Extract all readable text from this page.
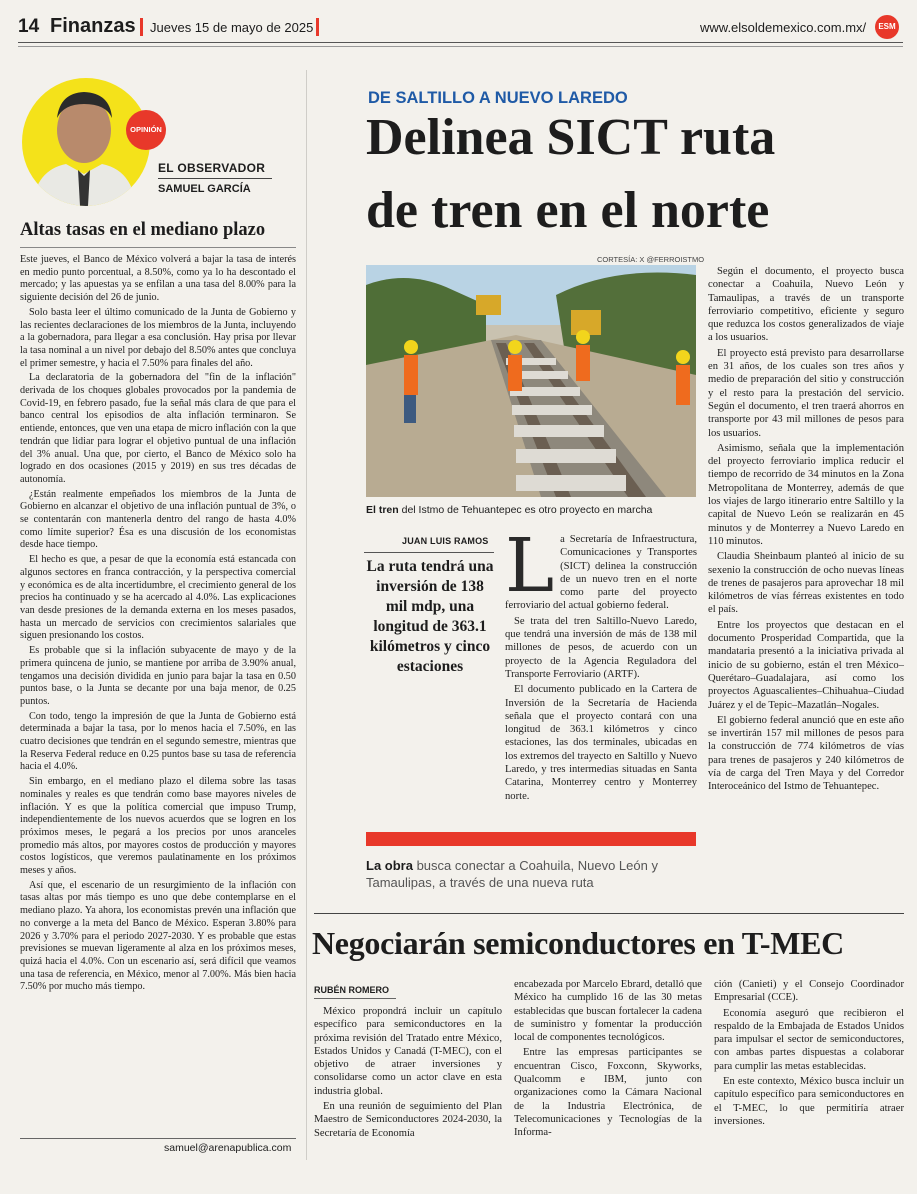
14 Finanzas Jueves 15 de mayo de 2025	www.elsoldemexico.com.mx/	ESM
OPINIÓN
EL OBSERVADOR
SAMUEL GARCÍA
Altas tasas en el mediano plazo

Este jueves, el Banco de México volverá a bajar la tasa de interés en medio punto porcentual, a 8.50%, como ya lo ha descontado el mercado; y las apuestas ya se enfilan a una tasa del 8.00% para la siguiente decisión del 26 de junio.

Solo basta leer el último comunicado de la Junta de Gobierno y las recientes declaraciones de los miembros de la Junta, incluyendo a la gobernadora, para llegar a esa conclusión. Hay prisa por llevar la tasa nominal a un nivel por debajo del 8.50% antes que concluya el primer semestre, y hacia el 7.50% para finales del año.

La declaratoria de la gobernadora del "fin de la inflación" derivada de los choques globales provocados por la pandemia de Covid-19, en febrero pasado, fue la señal más clara de que para el banco central los episodios de alta inflación terminaron. Se entiende, entonces, que ven una etapa de micro inflación con la que tendrán que lidiar para lograr el objetivo puntual de una inflación del 3% anual. Una que, por cierto, el Banco de México solo ha logrado en dos ocasiones (2015 y 2019) en sus tres décadas de autonomía.

¿Están realmente empeñados los miembros de la Junta de Gobierno en alcanzar el objetivo de una inflación puntual de 3%, o se contentarán con mantenerla dentro del rango de hasta 4.0% como límite superior? Ésa es una discusión de los economistas desde hace tiempo.

El hecho es que, a pesar de que la economía está estancada con algunos sectores en franca contracción, y la perspectiva comercial y económica es de alta incertidumbre, el crecimiento general de los precios ha continuado y se ha acercado al 4.0%. Las explicaciones van desde presiones de la demanda externa en los meses pasados, hasta un mercado de servicios con crecimientos salariales que siguen presionando los costos.

Es probable que si la inflación subyacente de mayo y de la primera quincena de junio, se mantiene por arriba de 3.90% anual, tengamos una decisión dividida en junio para bajar la tasa en 0.50 puntos base, o la Junta se decante por una baja menor, de 0.25 puntos.

Con todo, tengo la impresión de que la Junta de Gobierno está determinada a bajar la tasa, por lo menos hacia el 7.50%, en las cuatro decisiones que tendrán en el segundo semestre, mientras que la Reserva Federal reduce en 0.25 puntos base su tasa de referencia hacia el 4.0%.

Sin embargo, en el mediano plazo el dilema sobre las tasas nominales y reales es que tendrán como base mayores niveles de inflación. Y es que la política comercial que impuso Trump, independientemente de los nuevos acuerdos que se logren en los próximos meses, le pegará a los precios por unos aranceles promedio más altos, por mayores costos de producción y mayores costos logísticos, que veremos paulatinamente en los próximos meses y años.

Así que, el escenario de un resurgimiento de la inflación con tasas altas por más tiempo es uno que debe contemplarse en el mediano plazo. Ya ahora, los economistas prevén una inflación que no converge a la meta del Banco de México. Esperan 3.80% para 2026 y 3.70% para el periodo 2027-2030. Y es probable que estas previsiones se muevan ligeramente al alza en los próximos meses, quizá hacia el 4.0%. Con un escenario así, será difícil que veamos una tasa de referencia, en México, menor al 7.00%. Más bien hacia 7.50% por mucho más tiempo.

samuel@arenapublica.com
DE SALTILLO A NUEVO LAREDO
Delinea SICT ruta
de tren en el norte
CORTESÍA: X @FERROISTMO
El tren del Istmo de Tehuantepec es otro proyecto en marcha
JUAN LUIS RAMOS
La ruta tendrá una inversión de 138 mil mdp, una longitud de 363.1 kilómetros y cinco estaciones
L a Secretaría de Infraestructura, Comunicaciones y Transportes (SICT) delinea la construcción de un nuevo tren en el norte como parte del proyecto ferroviario del actual gobierno federal.

Se trata del tren Saltillo-Nuevo Laredo, que tendrá una inversión de más de 138 mil millones de pesos, de acuerdo con un proyecto de la Agencia Reguladora del Transporte Ferroviario (ARTF).

El documento publicado en la Cartera de Inversión de la Secretaría de Hacienda señala que el proyecto contará con una longitud de 363.1 kilómetros y cinco estaciones, las dos terminales, ubicadas en los extremos del trayecto en Saltillo y Nuevo Laredo, y tres intermedias situadas en Santa Catarina, Monterrey centro y Monterrey norte.

La obra busca conectar a Coahuila, Nuevo León y Tamaulipas, a través de una nueva ruta

Según el documento, el proyecto busca conectar a Coahuila, Nuevo León y Tamaulipas, a través de un transporte ferroviario competitivo, eficiente y seguro que reduzca los costos generalizados de viaje a los usuarios.

El proyecto está previsto para desarrollarse en 31 años, de los cuales son tres años y medio de preparación del sitio y construcción y el resto para la prestación del servicio. Según el documento, el tren traerá ahorros en transporte por 43 mil millones de pesos para los usuarios.

Asimismo, señala que la implementación del proyecto ferroviario implica reducir el tiempo de recorrido de 34 minutos en la Zona Metropolitana de Monterrey, además de que los viajes de largo itinerario entre Saltillo y la capital de Nuevo León se realizarán en 45 minutos y de Monterrey a Nuevo Laredo en 110 minutos.

Claudia Sheinbaum planteó al inicio de su sexenio la construcción de ocho nuevas líneas de trenes de pasajeros para aprovechar 18 mil kilómetros de vías férreas existentes en todo el país.

Entre los proyectos que destacan en el documento Prosperidad Compartida, que la mandataria presentó a la iniciativa privada al inicio de su gobierno, están el tren México–Querétaro–Guadalajara, así como los proyectos Aguascalientes–Chihuahua–Ciudad Juárez y el de Tepic–Mazatlán–Nogales.

El gobierno federal anunció que en este año se invertirán 157 mil millones de pesos para la construcción de 774 kilómetros de vías para trenes de pasajeros y 240 kilómetros de vía de carga del Tren Maya y del Corredor Interoceánico del Istmo de Tehuantepec.

Negociarán semiconductores en T-MEC
RUBÉN ROMERO

México propondrá incluir un capítulo específico para semiconductores en la próxima revisión del Tratado entre México, Estados Unidos y Canadá (T-MEC), con el objetivo de atraer inversiones y consolidarse como un actor clave en esta industria global.

En una reunión de seguimiento del Plan Maestro de Semiconductores 2024-2030, la Secretaría de Economía

encabezada por Marcelo Ebrard, detalló que México ha cumplido 16 de las 30 metas establecidas que buscan fortalecer la cadena de suministro y fomentar la producción local de componentes tecnológicos.

Entre las empresas participantes se encuentran Cisco, Foxconn, Skyworks, Qualcomm e IBM, junto con organizaciones como la Cámara Nacional de la Industria Electrónica, de Telecomunicaciones y Tecnologías de la Informa-

ción (Canieti) y el Consejo Coordinador Empresarial (CCE).

Economía aseguró que recibieron el respaldo de la Embajada de Estados Unidos para impulsar el sector de semiconductores, con ambas partes dispuestas a colaborar para cumplir las metas establecidas.

En este contexto, México busca incluir un capítulo específico para semiconductores en el T-MEC, lo que permitiría atraer inversiones.
